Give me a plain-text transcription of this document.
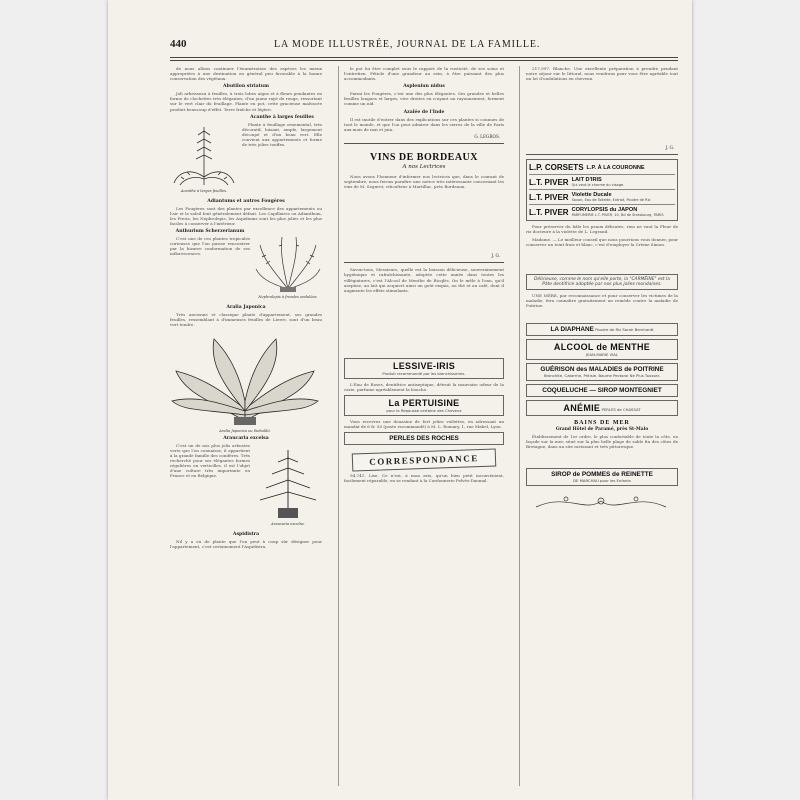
440	LA MODE ILLUSTRÉE, JOURNAL DE LA FAMILLE.

de nous allons continuer l'énumération des espèces les mieux appropriées à une destination en général peu favorable à la bonne conservation des végétaux.

Abutilon striatum

Joli arbrisseau à feuilles, à trois lobes aigus et à fleurs pendantes en forme de clochettes très élégantes, d'un jaune rayé de rouge, ressortant sur le vert clair du feuillage. Plante en pot, cette gracieuse malvacée produit beaucoup d'effet. Terre fraîche et légère.

Acanthe à larges feuilles.
Acanthe à larges feuilles

Plante à feuillage ornemental, très décoratif, luisant, ample, largement découpé et d'un beau vert. Elle convient aux appartements et forme de très jolies touffes.

Adiantums et autres Fougères

Les Fougères sont des plantes par excellence des appartements ou l'air et le soleil font généralement défaut. Les Capillaires ou Adianthum, les Pteris, les Nephrolepis, les Aspidiums sont les plus jolies et les plus faciles à conserver à l'intérieur.

Nephrolepis à frondes ondulées.
Anthurium Scherzerianum

C'est une de ces plantes tropicales curieuses que l'on puisse rencontrer par la bizarre conformation de ses inflorescences.

Aralia Japonica

Très ancienne et classique plante d'appartement, ses grandes feuilles, ressemblant à d'immenses feuilles de Lierre, sont d'un beau vert tendre.

Aralia Japonica ou Sieboldii.
Araucaria excelsa
Araucaria excelsa.

C'est un de nos plus jolis arbustes verts que l'on connaisse; il appartient à la grande famille des conifères. Très recherché pour ses élégantes formes régulières en verticilles, il est l'objet d'une culture très importante en France et en Belgique.

Aspidistra

Nil y a eu de plante que l'on peut à coup sûr désigner pour l'appartement, c'est certainement l'Aspidistra.

le pot lui être complet sous le rapport de la rusticité, de ses soins et l'entretien. Pétiole d'une grandeur au sein, à être puissant des plus accommodants.

Aspleniun nidus

Parmi les Fougères, c'est une des plus élégantes. Ses grandes et belles feuilles longues et larges, vive droites en n'ayant un rayonnement, forment comme un nid.

Azalée de l'Inde

Il est inutile d'entrer dans des explications sur ces plantes si connues de tout le monde, et que l'on peut admirer dans les serres de la ville de Paris aux mois de mai et juin.

G. LEGROS.
VINS DE BORDEAUX
A nos Lectrices

Nous avons l'honneur d'informer nos lectrices que, dans le courant de septembre, nous ferons paraître une notice très intéressante concernant les vins de M. Seguret, viticulteur à Martillac, près Bordeaux.

J. G.

Savon-tous, Messieurs, quelle est la boisson délicieuse, souverainement hygiénique et rafraîchissante, adoptée cette année dans toutes les villégiatures, c'est l'Alcool de Menthe de Ricqlès. On le mêle à l'eau, qu'il aseptise, au lait qui acquiert ainsi un goût exquis, au thé et au café, dont il augmente les effets stimulants.

LESSIVE-IRIS
Produit recommandé par les blanchisseries.

L'Eau de Roses, dentifrice antiseptique, détruit la mauvaise odeur de la carie, parfume agréablement la bouche.

La PERTUISINE
pour la Repousse certaine des Cheveux

Vous recevrez une douzaine de fort jolies voilettes, en adressant un mandat de 6 fr. 50 (poste recommandé) à M. L. Romary, 1, rue Mabel, Lyon.

PERLES DES ROCHES
CORRESPONDANCE

94,741. Lise. Ce n'est, à mon avis, qu'un bien petit inconvénient, facilement réparable, en se rendant à la Cordonnerie Pelvès-Daumal.

217,997. Blanche. Une excellente préparation à prendre pendant notre séjour sur le littoral, nous vendrons pour vous être agréable tout un lot d'ondulations en cheveux.

J. G.
L.P. CORSETS L.P. À LA COURONNE
L.T. PIVER LAIT D'IRIS
Qui veut le charme du visage.
L.T. PIVER Violette Ducale
Savon, Eau de Toilette, Extrait, Poudre de Riz
L.T. PIVER CORYLOPSIS du JAPON
PARFUMERIE L.T. PIVER, 10, Bd de Strasbourg, PARIS

Pour préserver du hâle les peaux délicates, rien ne vaut la Fleur de riz docteure à la violette de L. Legrand.

Madame. — Le meilleur conseil que nous pourrions vous donner, pour conserver un teint frais et blanc, c'est d'employer la Crème Simon.

Délicieuse, comme le nom qu'elle porte, la "CARMÉINE" est la Pâte dentifrice adoptée par nos plus jolies mondaines.

UNE MÈRE, par reconnaissance et pour conserver les victimes de la maladie, fera connaître gratuitement un remède contre la maladie de Poitrine.

LA DIAPHANE Poudre de Riz Sarah Bernhardt
ALCOOL de MENTHE
JEAN-MARIE VIAL
GUÉRISON des MALADIES de POITRINE
Bronchite, Catarrhe, Phtisie. Baume Pectoral Ne Plus Tousser.
COQUELUCHE — SIROP MONTEGNIET
ANÉMIE PERLES de CHASSAT
BAINS DE MER
Grand Hôtel de Paramé, près St-Malo

Établissement de 1er ordre, le plus confortable de toute la côte, en façade sur la mer, situé sur la plus belle plage de sable fin des côtes de Bretagne, dans un site ravissant et très pittoresque.

SIROP de POMMES de REINETTE
DE MARCHAU pour les Enfants
